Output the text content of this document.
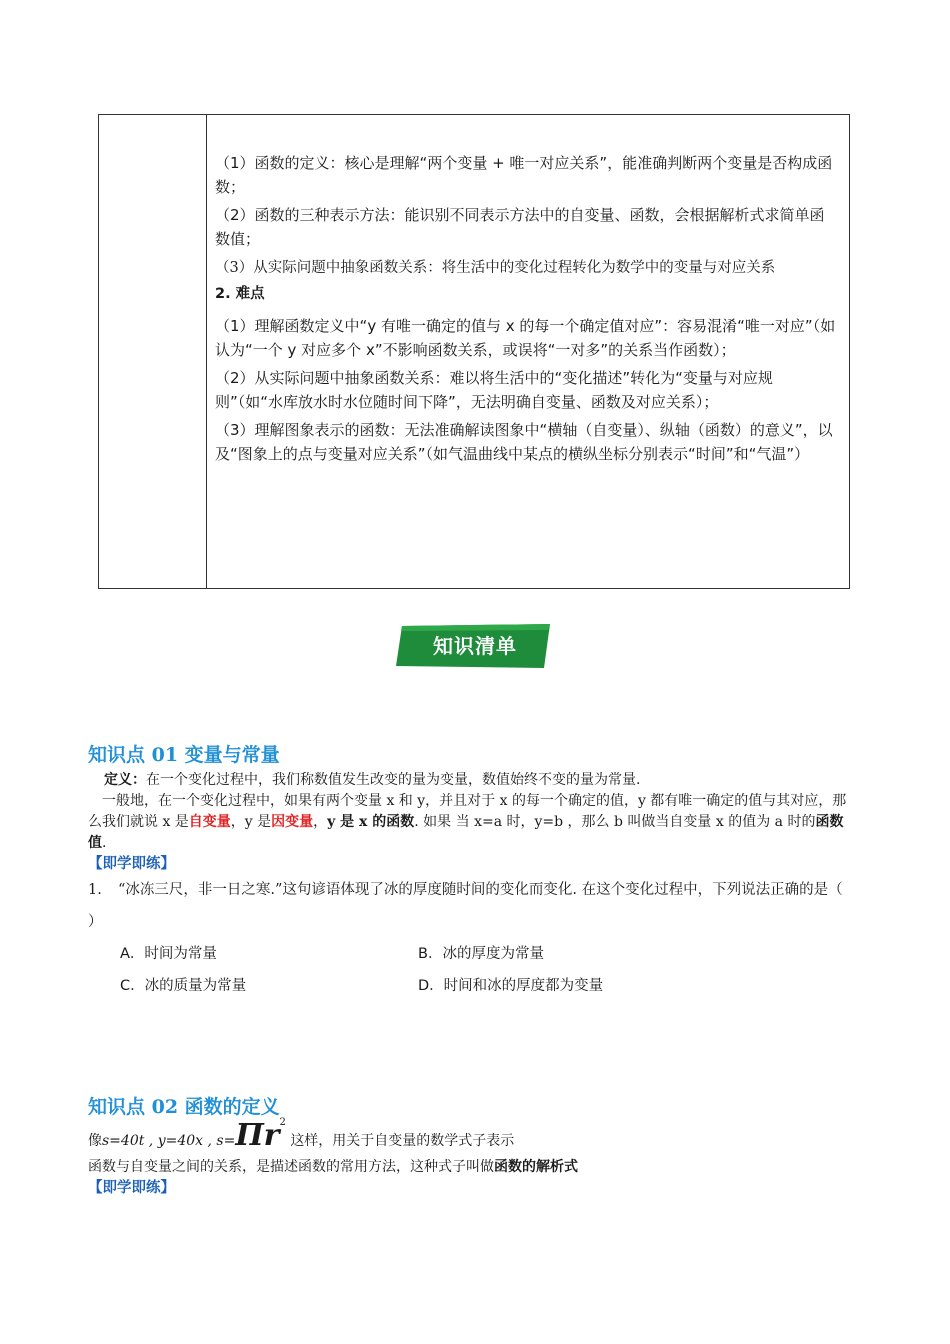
（1）函数的定义：核心是理解“两个变量 + 唯一对应关系”，能准确判断两个变量是否构成函数；

（2）函数的三种表示方法：能识别不同表示方法中的自变量、函数，会根据解析式求简单函数值；

（3）从实际问题中抽象函数关系：将生活中的变化过程转化为数学中的变量与对应关系

2. 难点

（1）理解函数定义中“y 有唯一确定的值与 x 的每一个确定值对应”：容易混淆“唯一对应”（如认为“一个 y 对应多个 x”不影响函数关系，或误将“一对多”的关系当作函数）；

（2）从实际问题中抽象函数关系：难以将生活中的“变化描述”转化为“变量与对应规则”（如“水库放水时水位随时间下降”，无法明确自变量、函数及对应关系）；

（3）理解图象表示的函数：无法准确解读图象中“横轴（自变量）、纵轴（函数）的意义”，以及“图象上的点与变量对应关系”（如气温曲线中某点的横纵坐标分别表示“时间”和“气温”）

知识清单
知识点 01 变量与常量

定义：在一个变化过程中，我们称数值发生改变的量为变量，数值始终不变的量为常量.

一般地，在一个变化过程中，如果有两个变量 x 和 y，并且对于 x 的每一个确定的值，y 都有唯一确定的值与其对应，那么我们就说 x 是自变量，y 是因变量，y 是 x 的函数. 如果 当 x=a 时，y=b ，那么 b 叫做当自变量 x 的值为 a 时的函数值.

【即学即练】
1. “冰冻三尺，非一日之寒.”这句谚语体现了冰的厚度随时间的变化而变化. 在这个变化过程中，下列说法正确的是（ ）
A．时间为常量	B．冰的厚度为常量
C．冰的质量为常量	D．时间和冰的厚度都为变量
知识点 02 函数的定义
像s=40t , y=40x , $s=\Pi r^2$ 这样，用关于自变量的数学式子表示
函数与自变量之间的关系，是描述函数的常用方法，这种式子叫做函数的解析式
【即学即练】
